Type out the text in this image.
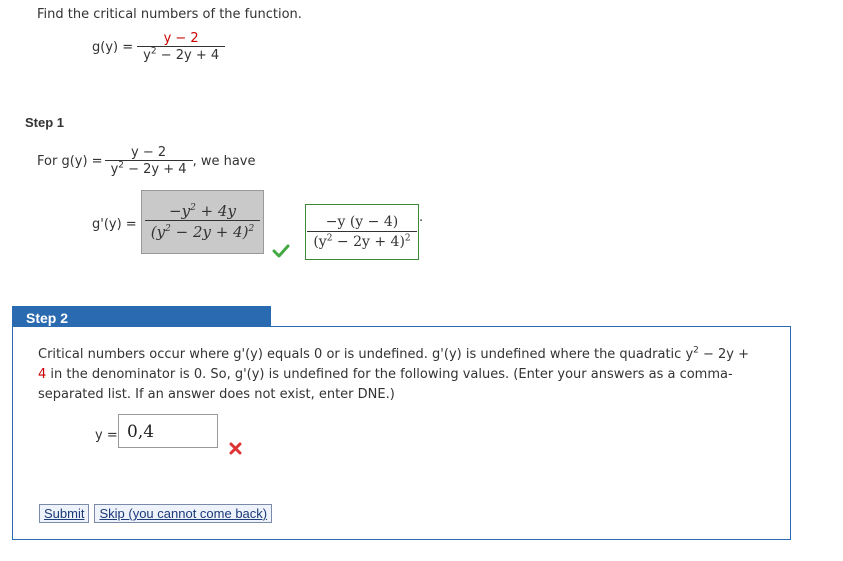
Find the critical numbers of the function.
$g(y) = \frac{y - 2}{y^2 - 2y + 4}$
Step 1
For $g(y) = \frac{y - 2}{y^2 - 2y + 4}$ , we have
$g'(y) = \frac{-y^2 + 4y}{(y^2 - 2y + 4)^2}$	$\frac{-y (y - 4)}{(y^2 - 2y + 4)^2}$ .
Step 2
Critical numbers occur where g'(y) equals 0 or is undefined. g'(y) is undefined where the quadratic $y^2 - 2y$ +
4 in the denominator is 0. So, g'(y) is undefined for the following values. (Enter your answers as a comma-
separated list. If an answer does not exist, enter DNE.)
y = 0,4
Submit	Skip (you cannot come back)
